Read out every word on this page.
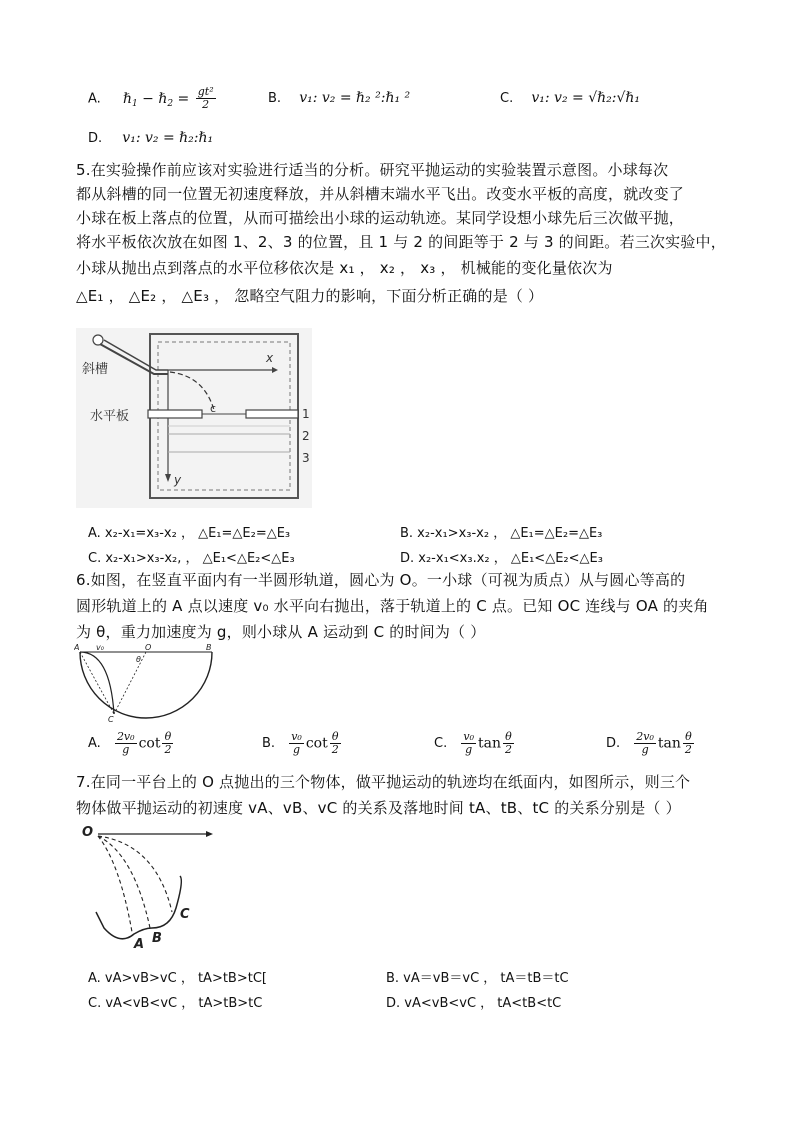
A. ℏ$_1$ − ℏ$_2$ = $\frac{\text{gt²}}{2}$	B. v₁: v₂ = ℏ₂ ²:ℏ₁ ²	C. v₁: v₂ = √ℏ₂:√ℏ₁
D. v₁: v₂ = ℏ₂:ℏ₁
5.在实验操作前应该对实验进行适当的分析。研究平抛运动的实验装置示意图。小球每次
都从斜槽的同一位置无初速度释放，并从斜槽末端水平飞出。改变水平板的高度，就改变了
小球在板上落点的位置，从而可描绘出小球的运动轨迹。某同学设想小球先后三次做平抛，
将水平板依次放在如图 1、2、3 的位置，且 1 与 2 的间距等于 2 与 3 的间距。若三次实验中，
小球从抛出点到落点的水平位移依次是 x₁ ， x₂ ， x₃ ， 机械能的变化量依次为
△E₁ ， △E₂ ， △E₃ ， 忽略空气阻力的影响，下面分析正确的是（ ）
x
y
c
斜槽
水平板	1
2
3
A. x₂-x₁=x₃-x₂ ， △E₁=△E₂=△E₃	B. x₂-x₁>x₃-x₂ ， △E₁=△E₂=△E₃
C. x₂-x₁>x₃-x₂, ， △E₁<△E₂<△E₃	D. x₂-x₁<x₃.x₂ ， △E₁<△E₂<△E₃
6.如图，在竖直平面内有一半圆形轨道，圆心为 O。一小球（可视为质点）从与圆心等高的
圆形轨道上的 A 点以速度 v₀ 水平向右抛出，落于轨道上的 C 点。已知 OC 连线与 OA 的夹角
为 θ，重力加速度为 g，则小球从 A 运动到 C 的时间为（ ）
A v₀	O	B
θ
C
A. $\frac{\text{2v₀}}{g}$ $\cot \frac{\theta}{2}$	B. $\frac{\text{v₀}}{g}$ $\cot \frac{\theta}{2}$	C. $\frac{\text{v₀}}{g}$ $\tan \frac{\theta}{2}$	D. $\frac{\text{2v₀}}{g}$ $\tan \frac{\theta}{2}$
7.在同一平台上的 O 点抛出的三个物体，做平抛运动的轨迹均在纸面内，如图所示，则三个
物体做平抛运动的初速度 vA、vB、vC 的关系及落地时间 tA、tB、tC 的关系分别是（ ）
O
A B
C
A. vA>vB>vC ， tA>tB>tC[	B. vA＝vB＝vC ， tA＝tB＝tC
C. vA<vB<vC ， tA>tB>tC	D. vA<vB<vC ， tA<tB<tC
